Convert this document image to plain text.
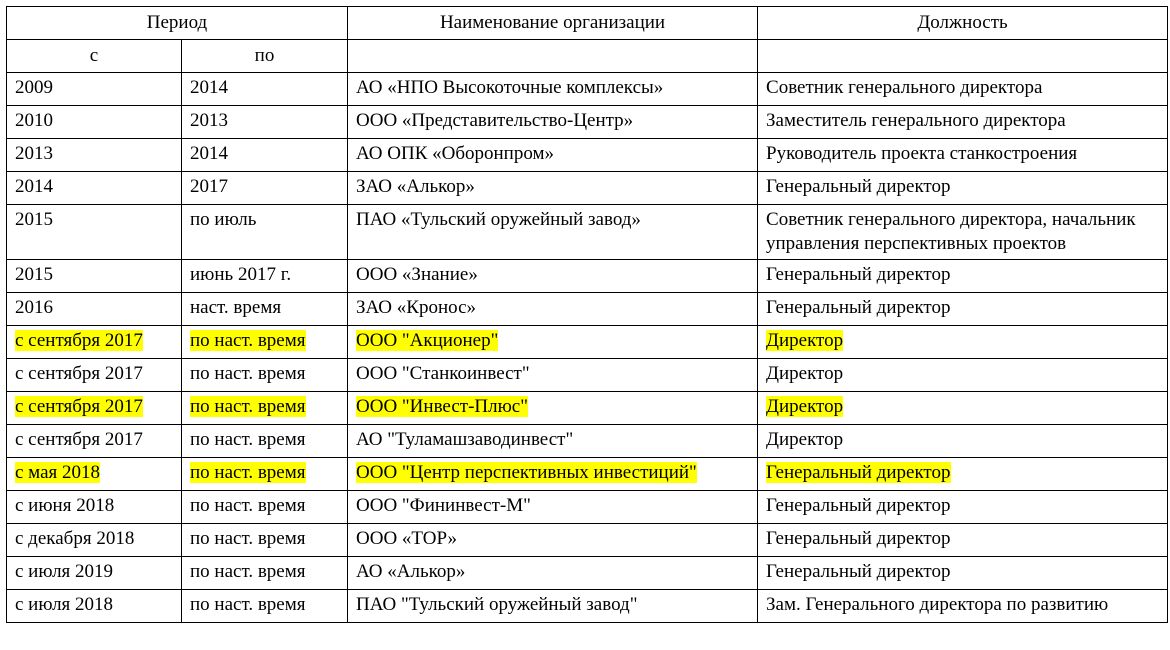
Период		Наименование организации	Должность
с	по		
2009	2014	АО «НПО Высокоточные комплексы»	Советник генерального директора
2010	2013	ООО «Представительство-Центр»	Заместитель генерального директора
2013	2014	АО ОПК «Оборонпром»	Руководитель проекта станкостроения
2014	2017	ЗАО «Алькор»	Генеральный директор
2015	по июль	ПАО «Тульский оружейный завод»	Советник генерального директора, начальник управления перспективных проектов
2015	июнь 2017 г.	ООО «Знание»	Генеральный директор
2016	наст. время	ЗАО «Кронос»	Генеральный директор
с сентября 2017	по наст. время	ООО "Акционер"	Директор
с сентября 2017	по наст. время	ООО "Станкоинвест"	Директор
с сентября 2017	по наст. время	ООО "Инвест-Плюс"	Директор
с сентября 2017	по наст. время	АО "Туламашзаводинвест"	Директор
с мая 2018	по наст. время	ООО "Центр перспективных инвестиций"	Генеральный директор
с июня 2018	по наст. время	ООО "Фининвест-М"	Генеральный директор
с декабря 2018	по наст. время	ООО «ТОР»	Генеральный директор
с июля 2019	по наст. время	АО «Алькор»	Генеральный директор
с июля 2018	по наст. время	ПАО "Тульский оружейный завод"	Зам. Генерального директора по развитию
